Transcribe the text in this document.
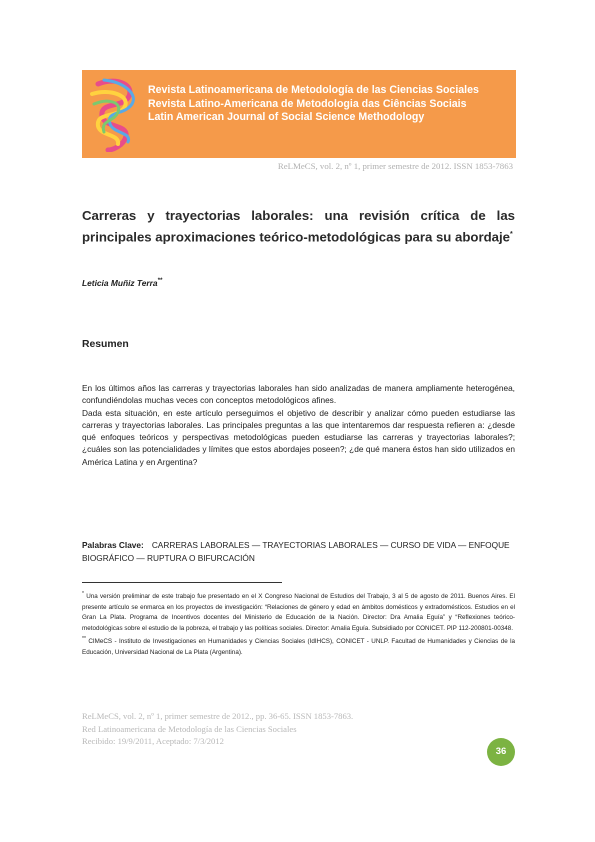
Revista Latinoamericana de Metodología de las Ciencias Sociales
Revista Latino-Americana de Metodologia das Ciências Sociais
Latin American Journal of Social Science Methodology
ReLMeCS, vol. 2, nº 1, primer semestre de 2012. ISSN 1853-7863
Carreras y trayectorias laborales: una revisión crítica de las principales aproximaciones teórico-metodológicas para su abordaje*
Leticia Muñiz Terra**
Resumen

En los últimos años las carreras y trayectorias laborales han sido analizadas de manera ampliamente heterogénea, confundiéndolas muchas veces con conceptos metodológicos afines.

Dada esta situación, en este artículo perseguimos el objetivo de describir y analizar cómo pueden estudiarse las carreras y trayectorias laborales. Las principales preguntas a las que intentaremos dar respuesta refieren a: ¿desde qué enfoques teóricos y perspectivas metodológicas pueden estudiarse las carreras y trayectorias laborales?; ¿cuáles son las potencialidades y límites que estos abordajes poseen?; ¿de qué manera éstos han sido utilizados en América Latina y en Argentina?

Palabras Clave: CARRERAS LABORALES — TRAYECTORIAS LABORALES — CURSO DE VIDA — ENFOQUE BIOGRÁFICO — RUPTURA O BIFURCACIÓN

* Una versión preliminar de este trabajo fue presentado en el X Congreso Nacional de Estudios del Trabajo, 3 al 5 de agosto de 2011. Buenos Aires. El presente artículo se enmarca en los proyectos de investigación: “Relaciones de género y edad en ámbitos domésticos y extradomésticos. Estudios en el Gran La Plata. Programa de Incentivos docentes del Ministerio de Educación de la Nación. Director: Dra Amalia Eguía” y “Reflexiones teórico- metodológicas sobre el estudio de la pobreza, el trabajo y las políticas sociales. Director: Amalia Eguía. Subsidiado por CONICET. PIP 112-200801-00348.

** CIMeCS - Instituto de Investigaciones en Humanidades y Ciencias Sociales (IdIHCS), CONICET - UNLP. Facultad de Humanidades y Ciencias de la Educación, Universidad Nacional de La Plata (Argentina).

ReLMeCS, vol. 2, nº 1, primer semestre de 2012., pp. 36-65. ISSN 1853-7863.
Red Latinoamericana de Metodología de las Ciencias Sociales
Recibido: 19/9/2011, Aceptado: 7/3/2012
36
